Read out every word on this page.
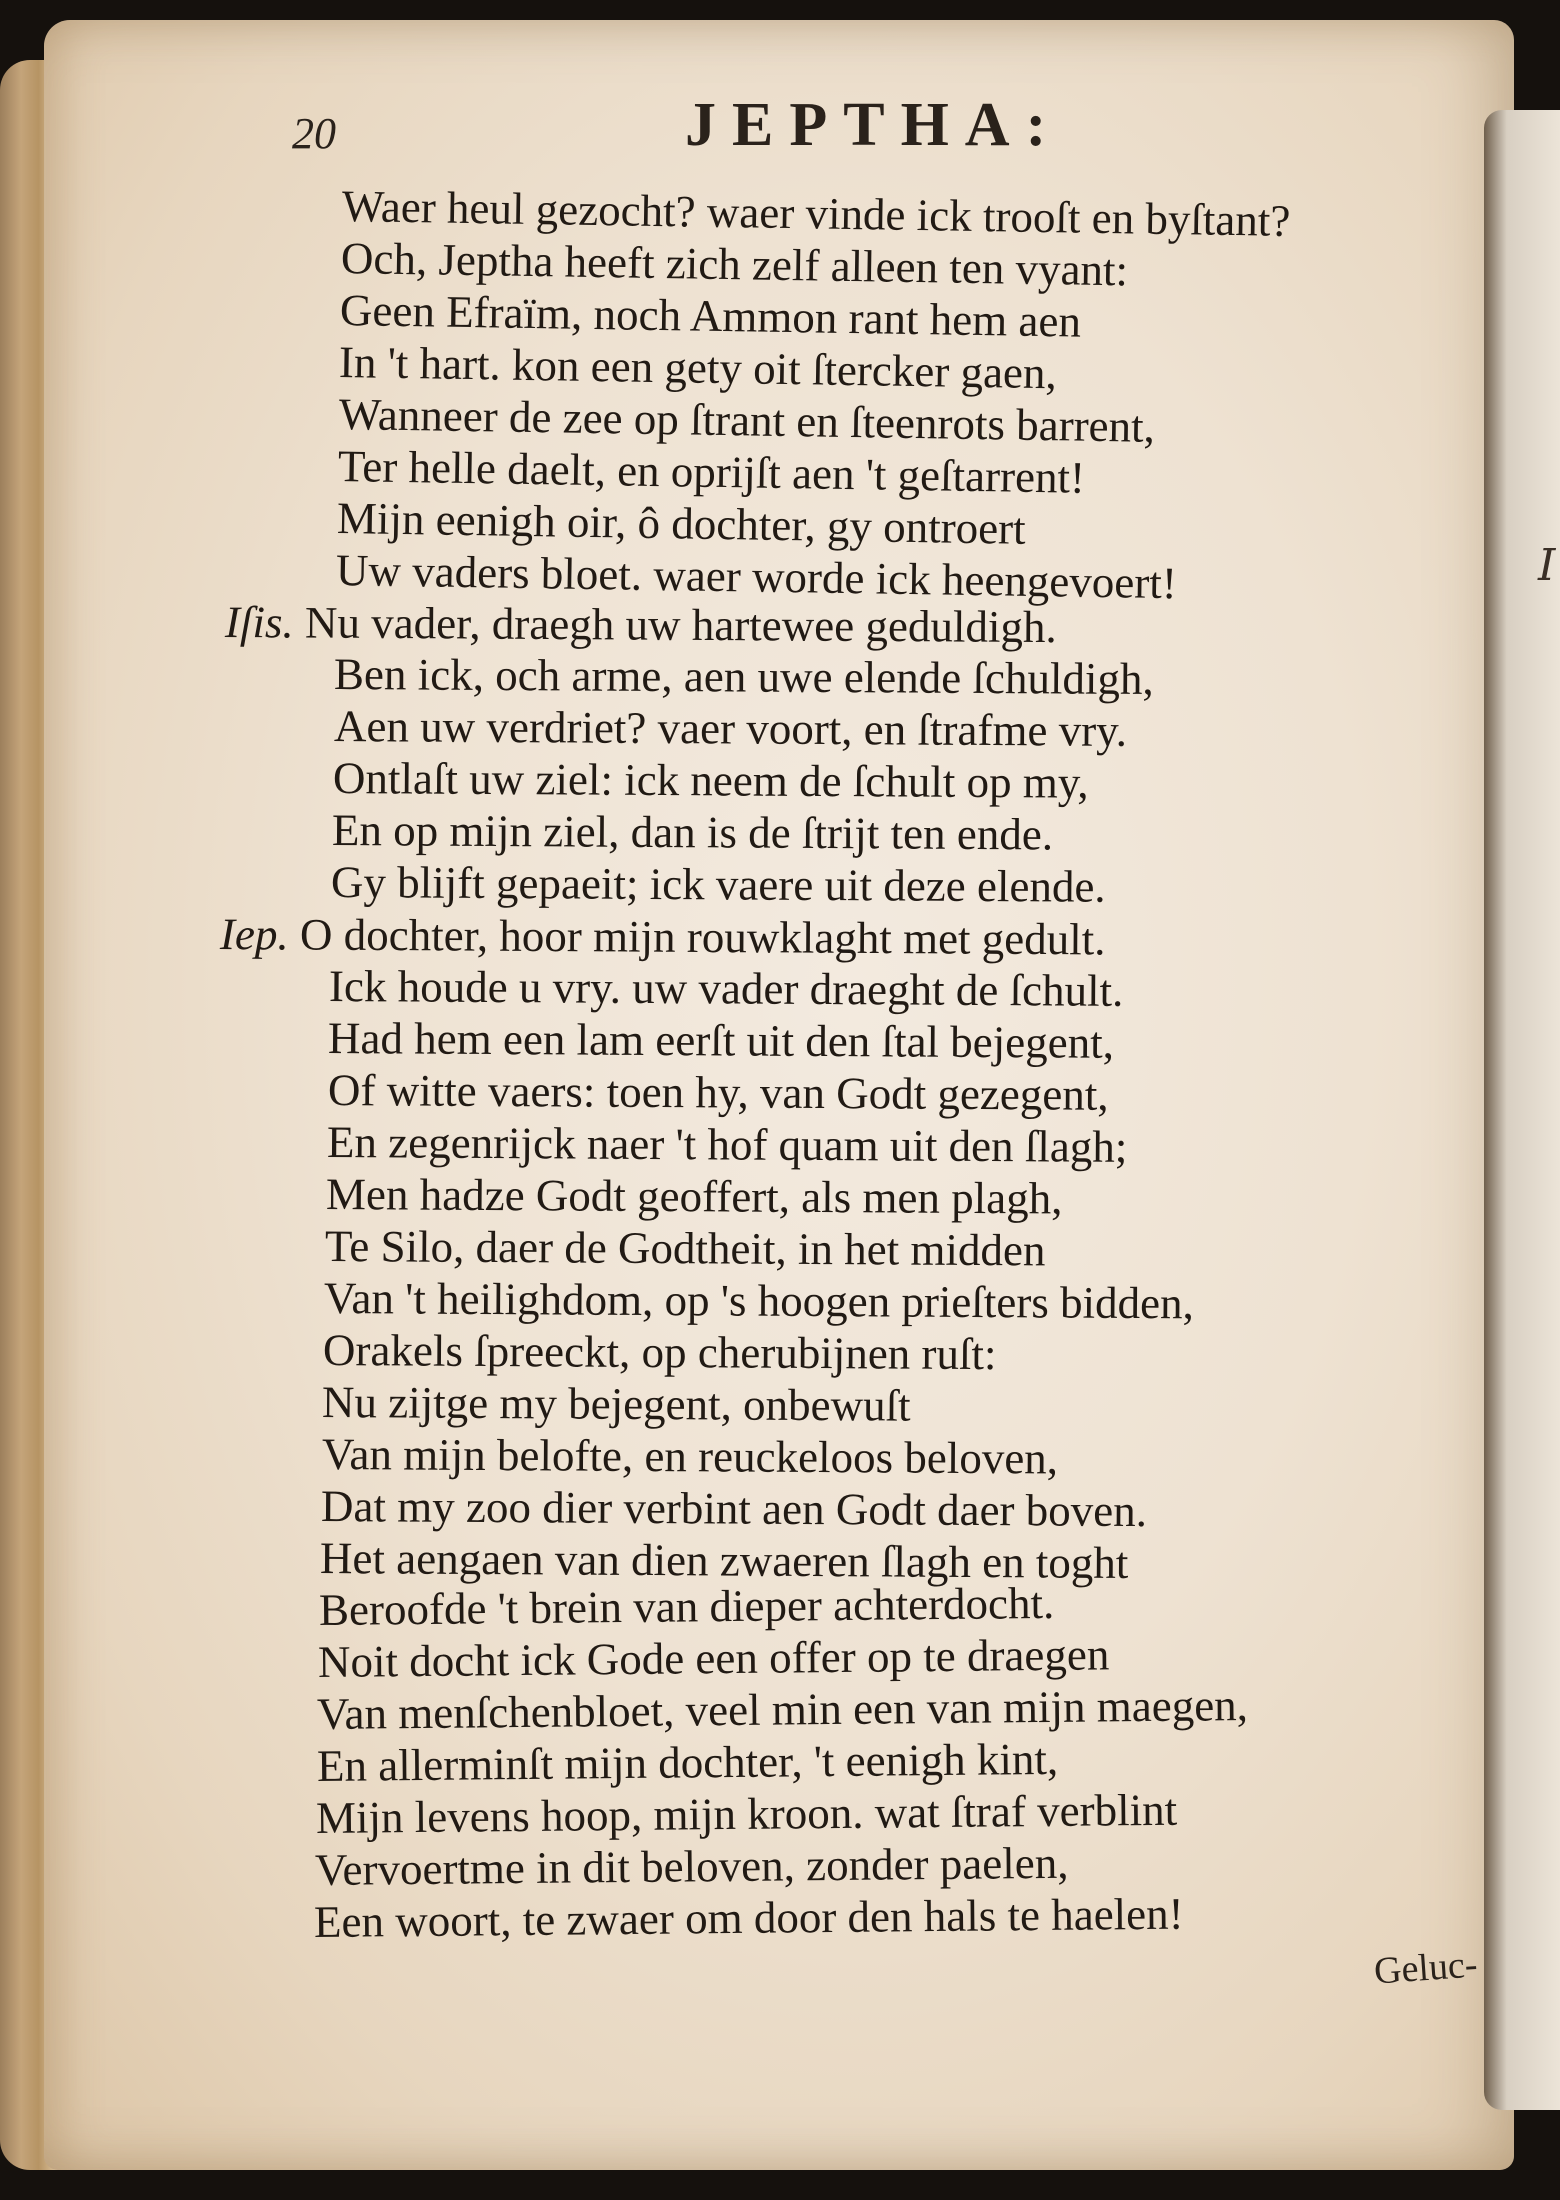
I
20	JEPTHA:
Waer heul gezocht? waer vinde ick trooſt en byſtant?
Och, Jeptha heeft zich zelf alleen ten vyant:
Geen Efraïm, noch Ammon rant hem aen
In 't hart. kon een gety oit ſtercker gaen,
Wanneer de zee op ſtrant en ſteenrots barrent,
Ter helle daelt, en oprijſt aen 't geſtarrent!
Mijn eenigh oir, ô dochter, gy ontroert
Uw vaders bloet. waer worde ick heengevoert!
Iſis. Nu vader, draegh uw hartewee geduldigh.
Ben ick, och arme, aen uwe elende ſchuldigh,
Aen uw verdriet? vaer voort, en ſtrafme vry.
Ontlaſt uw ziel: ick neem de ſchult op my,
En op mijn ziel, dan is de ſtrijt ten ende.
Gy blijft gepaeit; ick vaere uit deze elende.
Iep. O dochter, hoor mijn rouwklaght met gedult.
Ick houde u vry. uw vader draeght de ſchult.
Had hem een lam eerſt uit den ſtal bejegent,
Of witte vaers: toen hy, van Godt gezegent,
En zegenrijck naer 't hof quam uit den ſlagh;
Men hadze Godt geoffert, als men plagh,
Te Silo, daer de Godtheit, in het midden
Van 't heilighdom, op 's hoogen prieſters bidden,
Orakels ſpreeckt, op cherubijnen ruſt:
Nu zijtge my bejegent, onbewuſt
Van mijn belofte, en reuckeloos beloven,
Dat my zoo dier verbint aen Godt daer boven.
Het aengaen van dien zwaeren ſlagh en toght
Beroofde 't brein van dieper achterdocht.
Noit docht ick Gode een offer op te draegen
Van menſchenbloet, veel min een van mijn maegen,
En allerminſt mijn dochter, 't eenigh kint,
Mijn levens hoop, mijn kroon. wat ſtraf verblint
Vervoertme in dit beloven, zonder paelen,
Een woort, te zwaer om door den hals te haelen!
Geluc-
